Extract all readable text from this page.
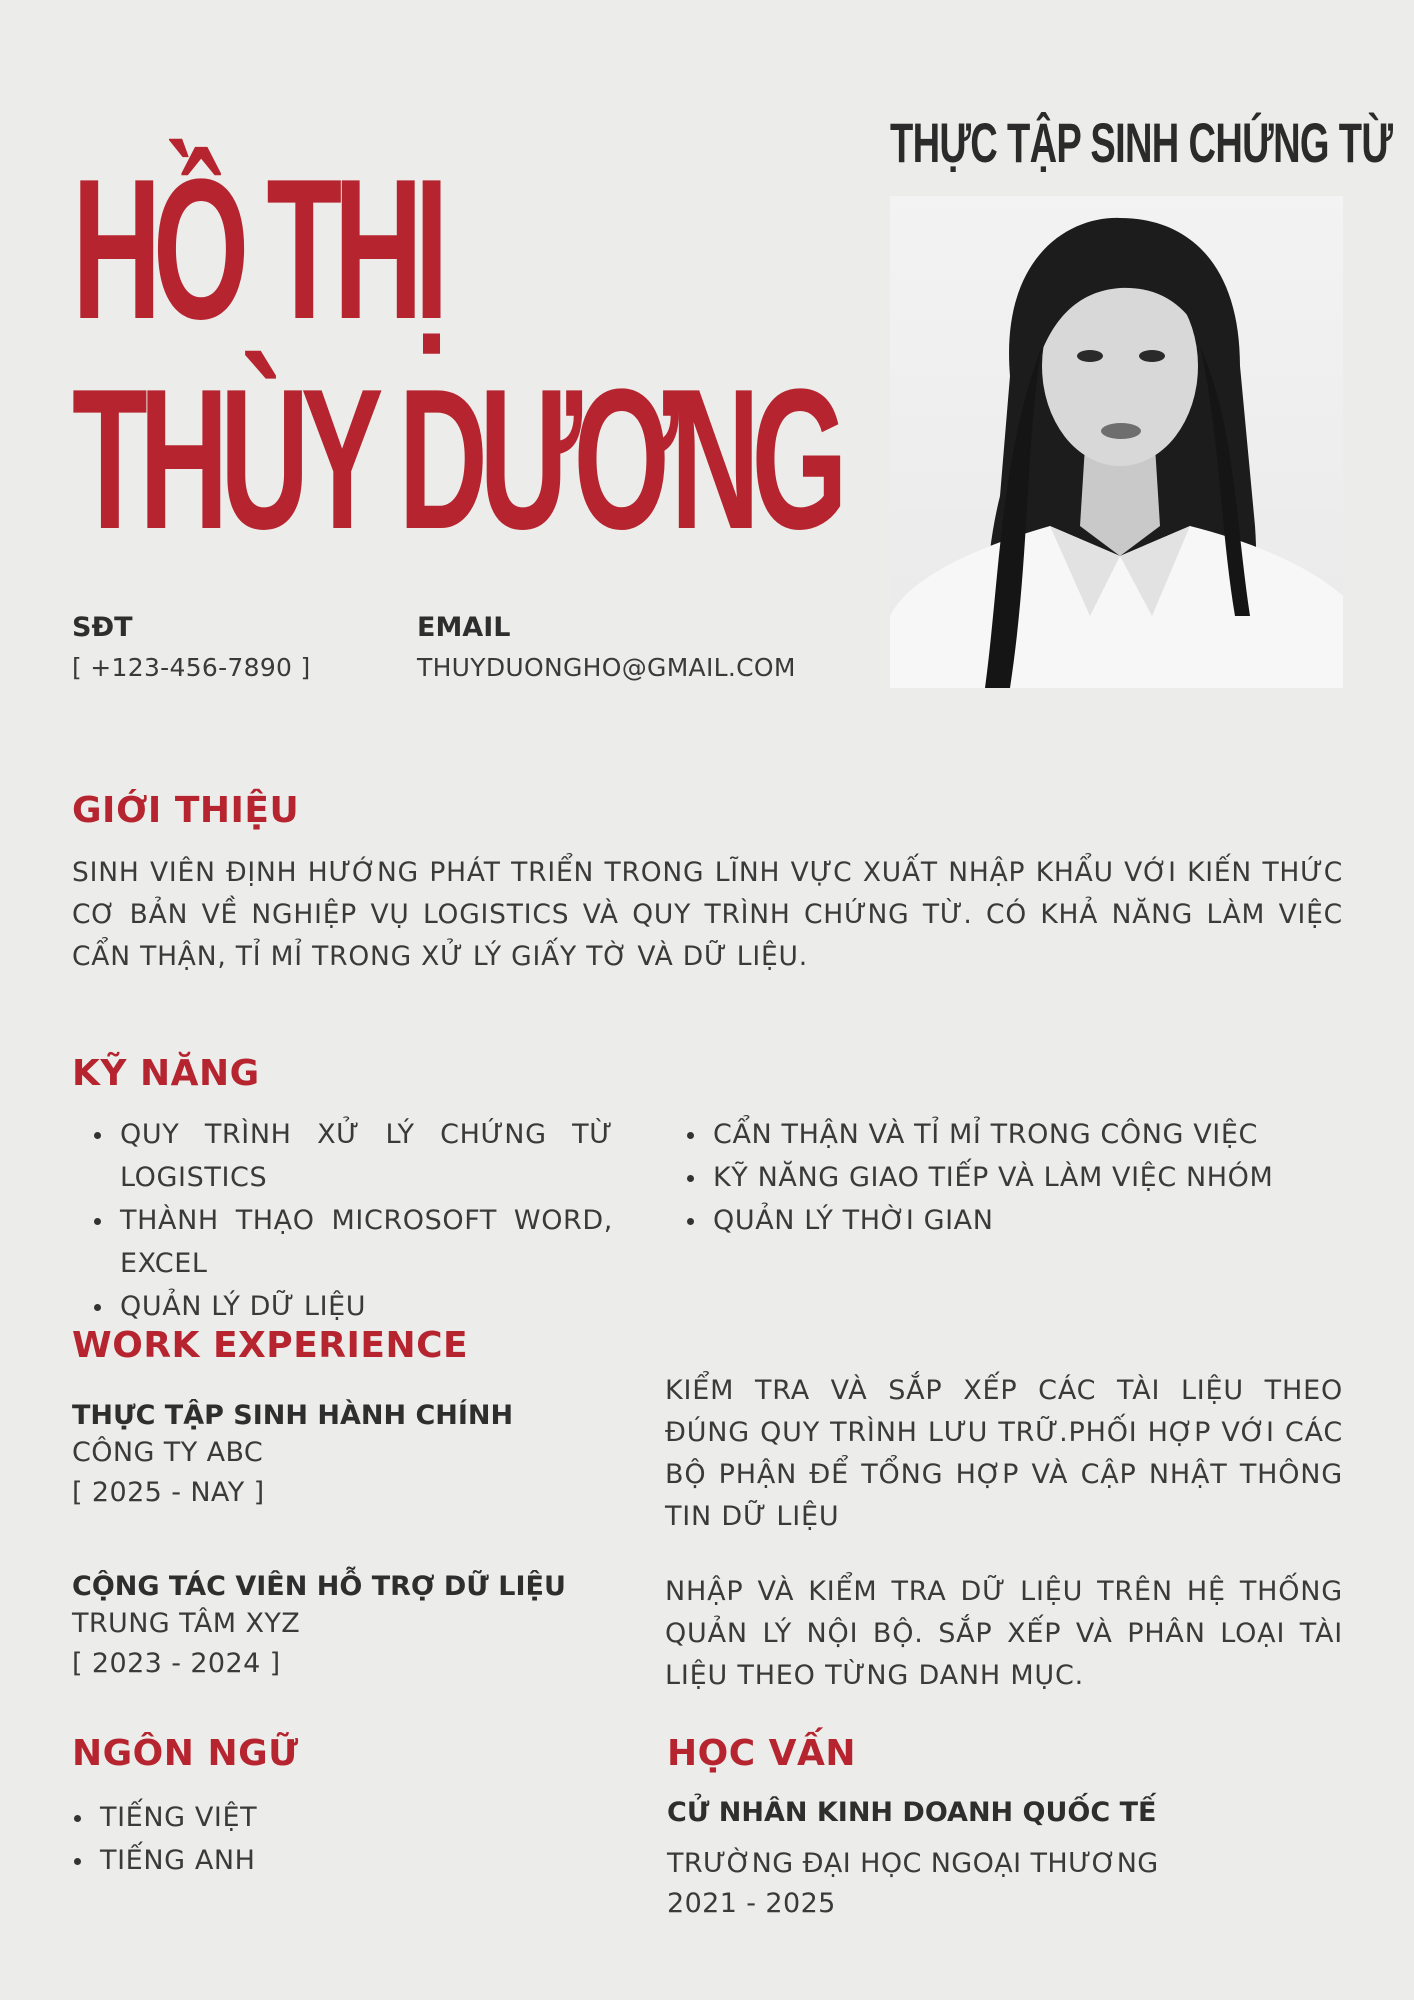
HỒ THỊ
THÙY DƯƠNG
THỰC TẬP SINH CHỨNG TỪ
SĐT
[ +123-456-7890 ]
EMAIL
THUYDUONGHO@GMAIL.COM
GIỚI THIỆU
SINH VIÊN ĐỊNH HƯỚNG PHÁT TRIỂN TRONG LĨNH VỰC XUẤT NHẬP KHẨU VỚI KIẾN THỨC CƠ BẢN VỀ NGHIỆP VỤ LOGISTICS VÀ QUY TRÌNH CHỨNG TỪ. CÓ KHẢ NĂNG LÀM VIỆC CẨN THẬN, TỈ MỈ TRONG XỬ LÝ GIẤY TỜ VÀ DỮ LIỆU.
KỸ NĂNG
QUY TRÌNH XỬ LÝ CHỨNG TỪ LOGISTICS
THÀNH THẠO MICROSOFT WORD, EXCEL
QUẢN LÝ DỮ LIỆU
CẨN THẬN VÀ TỈ MỈ TRONG CÔNG VIỆC
KỸ NĂNG GIAO TIẾP VÀ LÀM VIỆC NHÓM
QUẢN LÝ THỜI GIAN
WORK EXPERIENCE
THỰC TẬP SINH HÀNH CHÍNH
CÔNG TY ABC
[ 2025 - NAY ]
KIỂM TRA VÀ SẮP XẾP CÁC TÀI LIỆU THEO ĐÚNG QUY TRÌNH LƯU TRỮ.PHỐI HỢP VỚI CÁC BỘ PHẬN ĐỂ TỔNG HỢP VÀ CẬP NHẬT THÔNG TIN DỮ LIỆU
CỘNG TÁC VIÊN HỖ TRỢ DỮ LIỆU
TRUNG TÂM XYZ
[ 2023 - 2024 ]
NHẬP VÀ KIỂM TRA DỮ LIỆU TRÊN HỆ THỐNG QUẢN LÝ NỘI BỘ. SẮP XẾP VÀ PHÂN LOẠI TÀI LIỆU THEO TỪNG DANH MỤC.
NGÔN NGỮ
TIẾNG VIỆT
TIẾNG ANH
HỌC VẤN
CỬ NHÂN KINH DOANH QUỐC TẾ
TRƯỜNG ĐẠI HỌC NGOẠI THƯƠNG
2021 - 2025
